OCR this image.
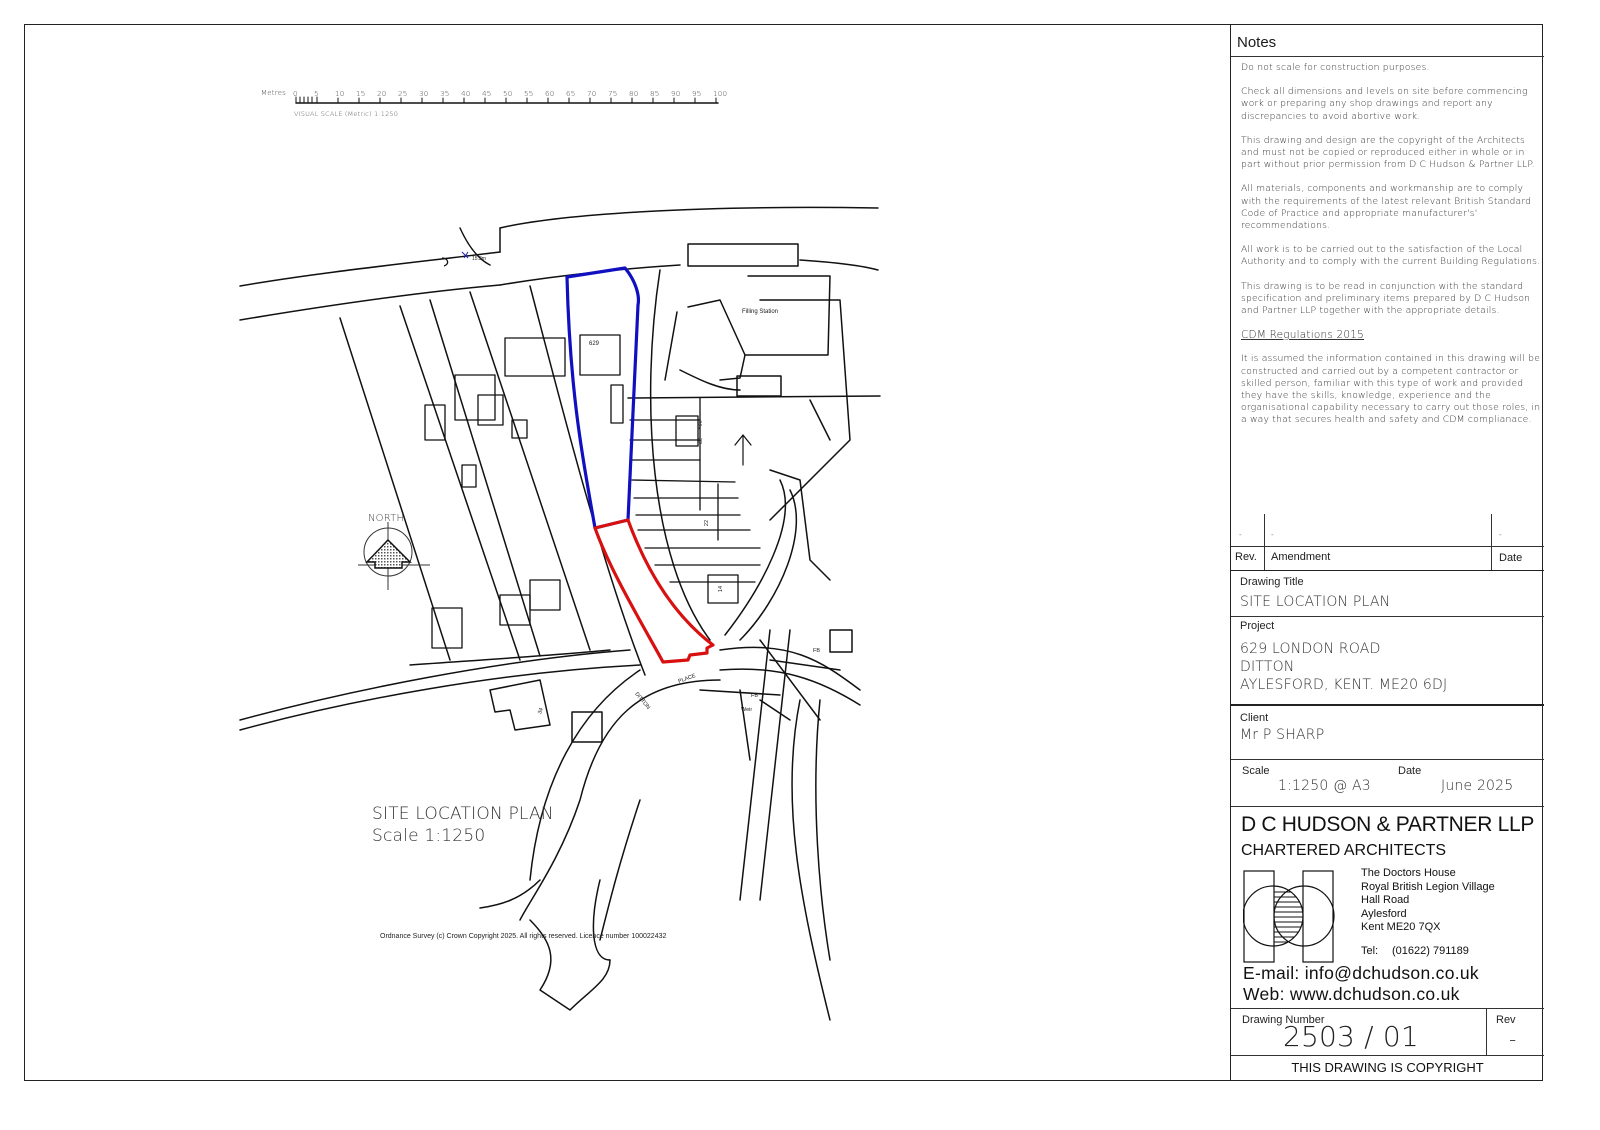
Metres 0 5 10 15 20 25 30 35 40 45 50 55 60 65 70 75 80 85 90 95 100
VISUAL SCALE (Metric) 1:1250
NORTH
629
Filling Station
32a
32
22
14
34
DITTON
PLACE
FB
FB
Weir
15.2m
SITE LOCATION PLAN
Scale 1:1250
Ordnance Survey (c) Crown Copyright 2025. All rights reserved. Licence number 100022432
Notes

Do not scale for construction purposes.

Check all dimensions and levels on site before commencing work or preparing any shop drawings and report any discrepancies to avoid abortive work.

This drawing and design are the copyright of the Architects and must not be copied or reproduced either in whole or in part without prior permission from D C Hudson & Partner LLP.

All materials, components and workmanship are to comply with the requirements of the latest relevant British Standard Code of Practice and appropriate manufacturer's' recommendations.

All work is to be carried out to the satisfaction of the Local Authority and to comply with the current Building Regulations.

This drawing is to be read in conjunction with the standard specification and preliminary items prepared by D C Hudson and Partner LLP together with the appropriate details.

CDM Regulations 2015

It is assumed the information contained in this drawing will be constructed and carried out by a competent contractor or skilled person, familiar with this type of work and provided they have the skills, knowledge, experience and the organisational capability necessary to carry out those roles, in a way that secures health and safety and CDM complianace.

-	-	-
Rev. Amendment	Date
Drawing Title
SITE LOCATION PLAN
Project
629 LONDON ROAD
DITTON
AYLESFORD, KENT. ME20 6DJ
Client
Mr P SHARP
Scale
1:1250 @ A3
Date
June 2025
D C HUDSON & PARTNER LLP
CHARTERED ARCHITECTS
The Doctors House
Royal British Legion Village
Hall Road
Aylesford
Kent ME20 7QX
Tel: (01622) 791189
E-mail: info@dchudson.co.uk
Web: www.dchudson.co.uk
Drawing Number
2503 / 01	Rev
-
THIS DRAWING IS COPYRIGHT
